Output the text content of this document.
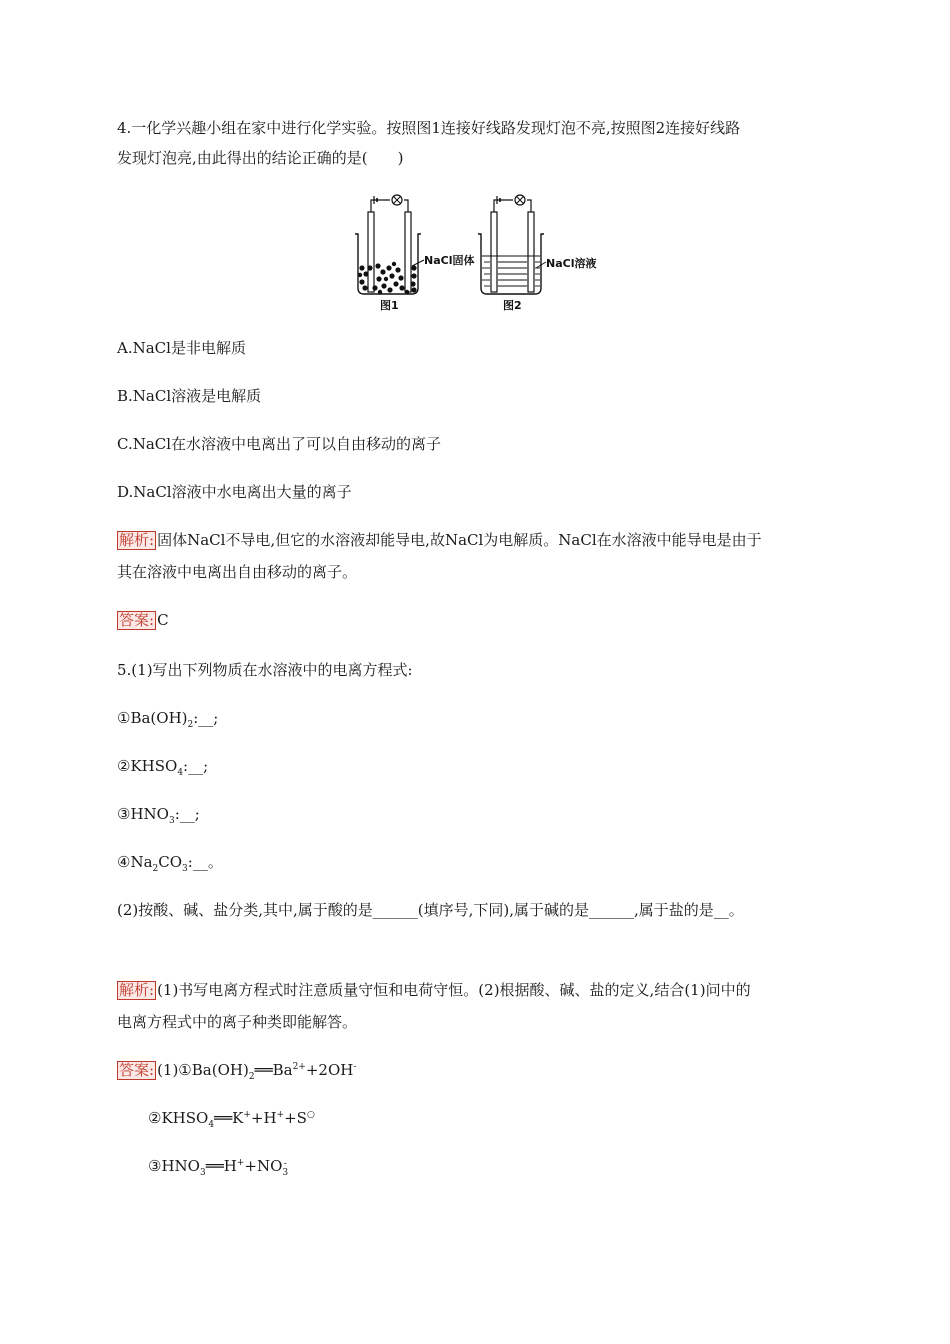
4.一化学兴趣小组在家中进行化学实验。按照图1连接好线路发现灯泡不亮,按照图2连接好线路
发现灯泡亮,由此得出的结论正确的是(　　)
NaCl固体
图1
NaCl溶液
图2
A.NaCl是非电解质
B.NaCl溶液是电解质
C.NaCl在水溶液中电离出了可以自由移动的离子
D.NaCl溶液中水电离出大量的离子
解析: 固体NaCl不导电,但它的水溶液却能导电,故NaCl为电解质。NaCl在水溶液中能导电是由于
其在溶液中电离出自由移动的离子。
答案: C
5.(1)写出下列物质在水溶液中的电离方程式:
$①Ba(OH)_2:\_\_$;
$②KHSO_4:\_\_$;
$③HNO_3:\_\_$;
$④Na_2CO_3:\_\_$。
(2)按酸、碱、盐分类,其中,属于酸的是______(填序号,下同),属于碱的是______,属于盐的是__。
解析: (1)书写电离方程式时注意质量守恒和电荷守恒。(2)根据酸、碱、盐的定义,结合(1)问中的
电离方程式中的离子种类即能解答。
答案: $(1)①Ba(OH)_2══Ba^{2+}+2OH^-$
$②KHSO_4══K^++H^++S^○$
$③HNO_3══H^++NO$ -
3
